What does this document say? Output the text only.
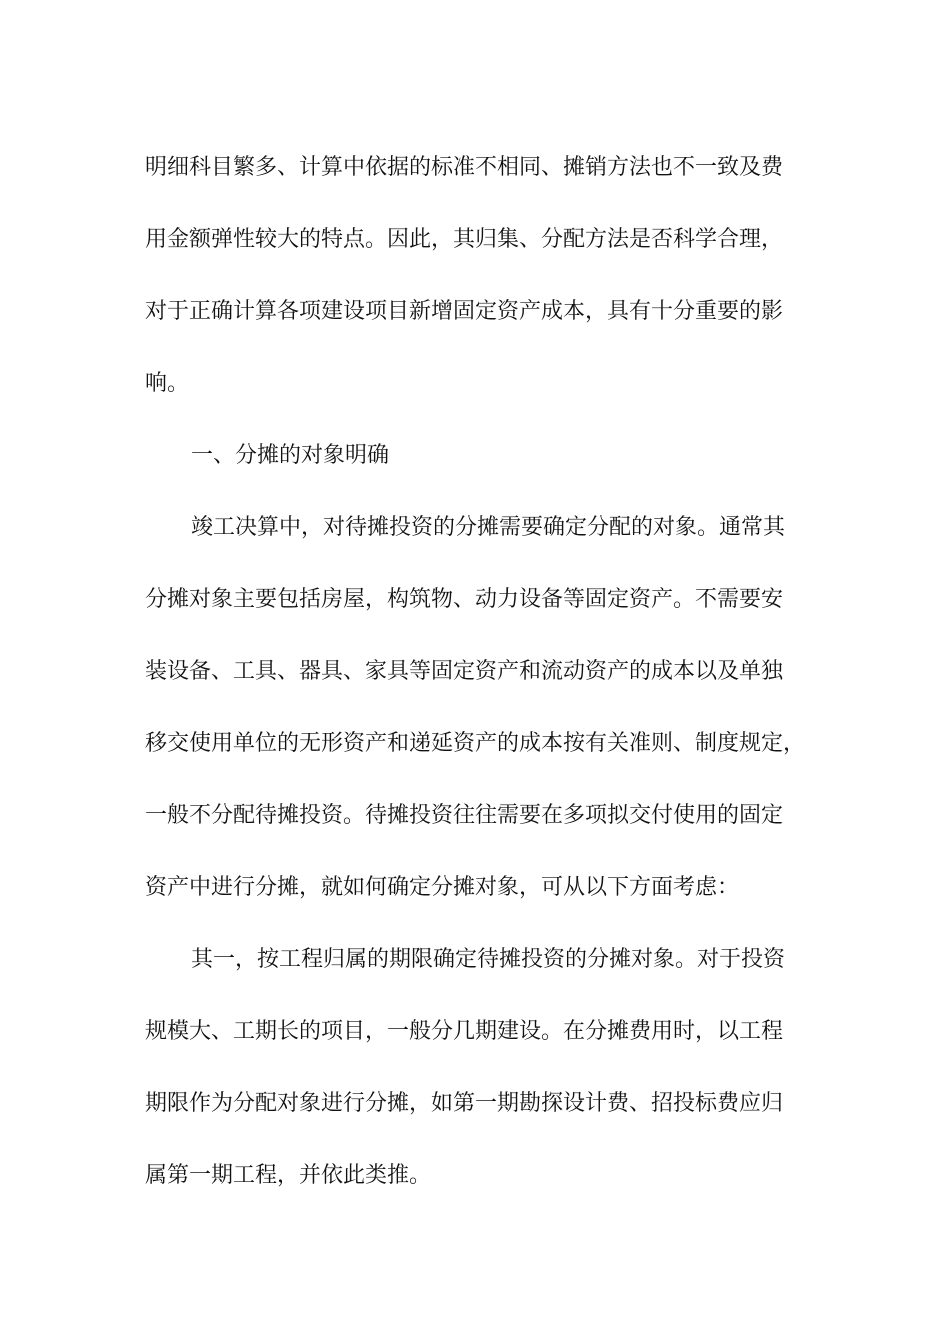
明细科目繁多、计算中依据的标准不相同、摊销方法也不一致及费
用金额弹性较大的特点。因此，其归集、分配方法是否科学合理，
对于正确计算各项建设项目新增固定资产成本，具有十分重要的影
响。
一、分摊的对象明确
竣工决算中，对待摊投资的分摊需要确定分配的对象。通常其
分摊对象主要包括房屋，构筑物、动力设备等固定资产。不需要安
装设备、工具、器具、家具等固定资产和流动资产的成本以及单独
移交使用单位的无形资产和递延资产的成本按有关准则、制度规定，
一般不分配待摊投资。待摊投资往往需要在多项拟交付使用的固定
资产中进行分摊，就如何确定分摊对象，可从以下方面考虑：
其一，按工程归属的期限确定待摊投资的分摊对象。对于投资
规模大、工期长的项目，一般分几期建设。在分摊费用时，以工程
期限作为分配对象进行分摊，如第一期勘探设计费、招投标费应归
属第一期工程，并依此类推。
